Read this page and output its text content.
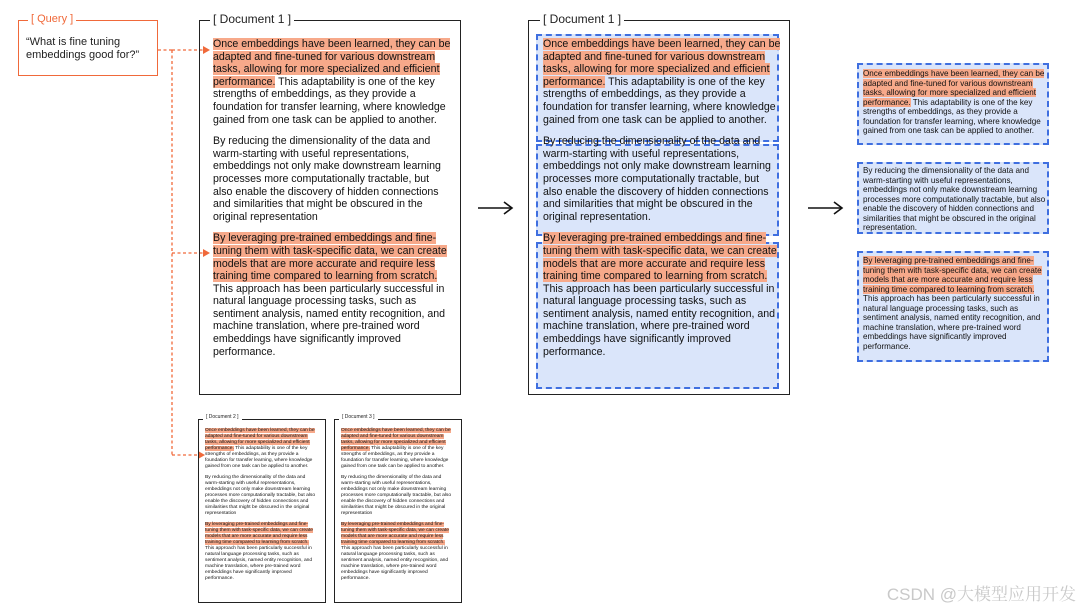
[ Query ]
“What is fine tuning embeddings good for?”
[ Document 1 ]

Once embeddings have been learned, they can be adapted and fine-tuned for various downstream tasks, allowing for more specialized and efficient performance. This adaptability is one of the key strengths of embeddings, as they provide a foundation for transfer learning, where knowledge gained from one task can be applied to another.

By reducing the dimensionality of the data and warm-starting with useful representations, embeddings not only make downstream learning processes more computationally tractable, but also enable the discovery of hidden connections and similarities that might be obscured in the original representation

By leveraging pre-trained embeddings and fine-tuning them with task-specific data, we can create models that are more accurate and require less training time compared to learning from scratch. This approach has been particularly successful in natural language processing tasks, such as sentiment analysis, named entity recognition, and machine translation, where pre-trained word embeddings have significantly improved performance.

[ Document 2 ]

Once embeddings have been learned, they can be adapted and fine-tuned for various downstream tasks, allowing for more specialized and efficient performance. This adaptability is one of the key strengths of embeddings, as they provide a foundation for transfer learning, where knowledge gained from one task can be applied to another.

By reducing the dimensionality of the data and warm-starting with useful representations, embeddings not only make downstream learning processes more computationally tractable, but also enable the discovery of hidden connections and similarities that might be obscured in the original representation

By leveraging pre-trained embeddings and fine-tuning them with task-specific data, we can create models that are more accurate and require less training time compared to learning from scratch. This approach has been particularly successful in natural language processing tasks, such as sentiment analysis, named entity recognition, and machine translation, where pre-trained word embeddings have significantly improved performance.

[ Document 3 ]

Once embeddings have been learned, they can be adapted and fine-tuned for various downstream tasks, allowing for more specialized and efficient performance. This adaptability is one of the key strengths of embeddings, as they provide a foundation for transfer learning, where knowledge gained from one task can be applied to another.

By reducing the dimensionality of the data and warm-starting with useful representations, embeddings not only make downstream learning processes more computationally tractable, but also enable the discovery of hidden connections and similarities that might be obscured in the original representation

By leveraging pre-trained embeddings and fine-tuning them with task-specific data, we can create models that are more accurate and require less training time compared to learning from scratch. This approach has been particularly successful in natural language processing tasks, such as sentiment analysis, named entity recognition, and machine translation, where pre-trained word embeddings have significantly improved performance.

[ Document 1 ]

Once embeddings have been learned, they can be adapted and fine-tuned for various downstream tasks, allowing for more specialized and efficient performance. This adaptability is one of the key strengths of embeddings, as they provide a foundation for transfer learning, where knowledge gained from one task can be applied to another.

By reducing the dimensionality of the data and warm-starting with useful representations, embeddings not only make downstream learning processes more computationally tractable, but also enable the discovery of hidden connections and similarities that might be obscured in the original representation.

By leveraging pre-trained embeddings and fine-tuning them with task-specific data, we can create models that are more accurate and require less training time compared to learning from scratch. This approach has been particularly successful in natural language processing tasks, such as sentiment analysis, named entity recognition, and machine translation, where pre-trained word embeddings have significantly improved performance.

Once embeddings have been learned, they can be adapted and fine-tuned for various downstream tasks, allowing for more specialized and efficient performance. This adaptability is one of the key strengths of embeddings, as they provide a foundation for transfer learning, where knowledge gained from one task can be applied to another.

By reducing the dimensionality of the data and warm-starting with useful representations, embeddings not only make downstream learning processes more computationally tractable, but also enable the discovery of hidden connections and similarities that might be obscured in the original representation.

By leveraging pre-trained embeddings and fine-tuning them with task-specific data, we can create models that are more accurate and require less training time compared to learning from scratch. This approach has been particularly successful in natural language processing tasks, such as sentiment analysis, named entity recognition, and machine translation, where pre-trained word embeddings have significantly improved performance.

CSDN @大模型应用开发
